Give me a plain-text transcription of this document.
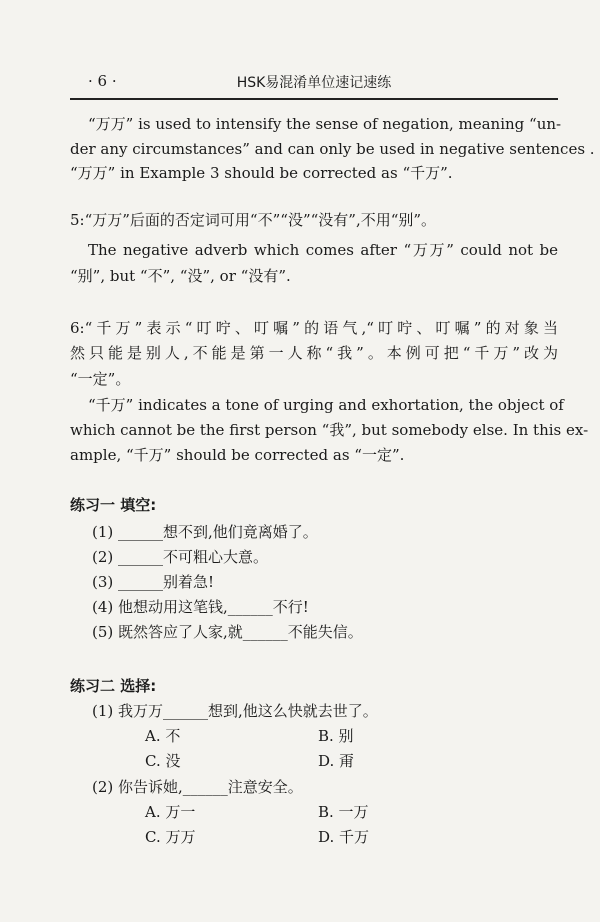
· 6 ·	HSK易混淆单位速记速练
“万万” is used to intensify the sense of negation, meaning “un-
der any circumstances” and can only be used in negative sentences .
“万万” in Example 3 should be corrected as “千万”.
5:“万万”后面的否定词可用“不”“没”“没有”,不用“别”。
The negative adverb which comes after “万万” could not be
“别”, but “不”, “没”, or “没有”.
6:“千万”表示“叮咛、叮嘱”的语气,“叮咛、叮嘱”的对象当
然只能是别人,不能是第一人称“我”。本例可把“千万”改为
“一定”。
“千万” indicates a tone of urging and exhortation, the object of
which cannot be the first person “我”, but somebody else. In this ex-
ample, “千万” should be corrected as “一定”.
练习一 填空:
(1) ______想不到,他们竟离婚了。
(2) ______不可粗心大意。
(3) ______别着急!
(4) 他想动用这笔钱,______不行!
(5) 既然答应了人家,就______不能失信。
练习二 选择:
(1) 我万万______想到,他这么快就去世了。
A. 不	B. 别
C. 没	D. 甭
(2) 你告诉她,______注意安全。
A. 万一	B. 一万
C. 万万	D. 千万
